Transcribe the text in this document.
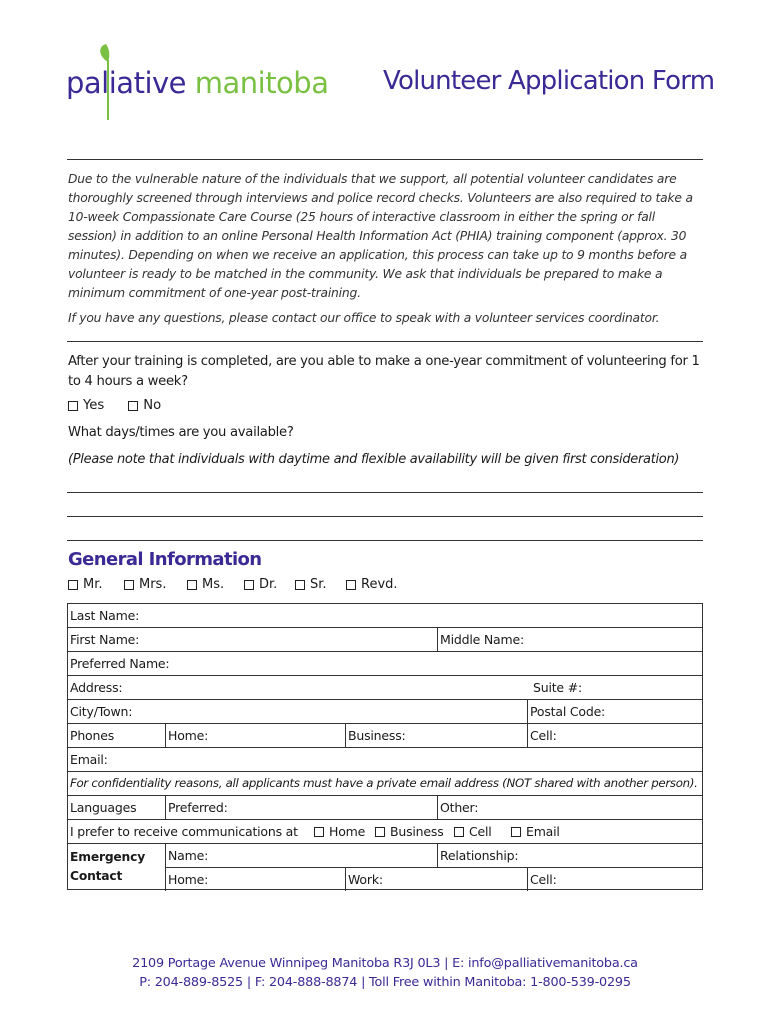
paliative manitoba Volunteer Application Form

Due to the vulnerable nature of the individuals that we support, all potential volunteer candidates are thoroughly screened through interviews and police record checks. Volunteers are also required to take a 10-week Compassionate Care Course (25 hours of interactive classroom in either the spring or fall session) in addition to an online Personal Health Information Act (PHIA) training component (approx. 30 minutes). Depending on when we receive an application, this process can take up to 9 months before a volunteer is ready to be matched in the community. We ask that individuals be prepared to make a minimum commitment of one-year post-training.

If you have any questions, please contact our office to speak with a volunteer services coordinator.

After your training is completed, are you able to make a one-year commitment of volunteering for 1 to 4 hours a week?

Yes	No

What days/times are you available?

(Please note that individuals with daytime and flexible availability will be given first consideration)

General Information
Mr.	Mrs.	Ms.	Dr.	Sr.	Revd.
Last Name:
First Name:	Middle Name:
Preferred Name:
Address:	Suite #:
City/Town:	Postal Code:
Phones	Home:	Business:	Cell:
Email:
For confidentiality reasons, all applicants must have a private email address (NOT shared with another person).
Languages	Preferred:	Other:
I prefer to receive communications at Home Business Cell	Email
Emergency
Contact
Name:	Relationship:
Home:	Work:	Cell:
2109 Portage Avenue Winnipeg Manitoba R3J 0L3 | E: info@palliativemanitoba.ca
P: 204-889-8525 | F: 204-888-8874 | Toll Free within Manitoba: 1-800-539-0295
